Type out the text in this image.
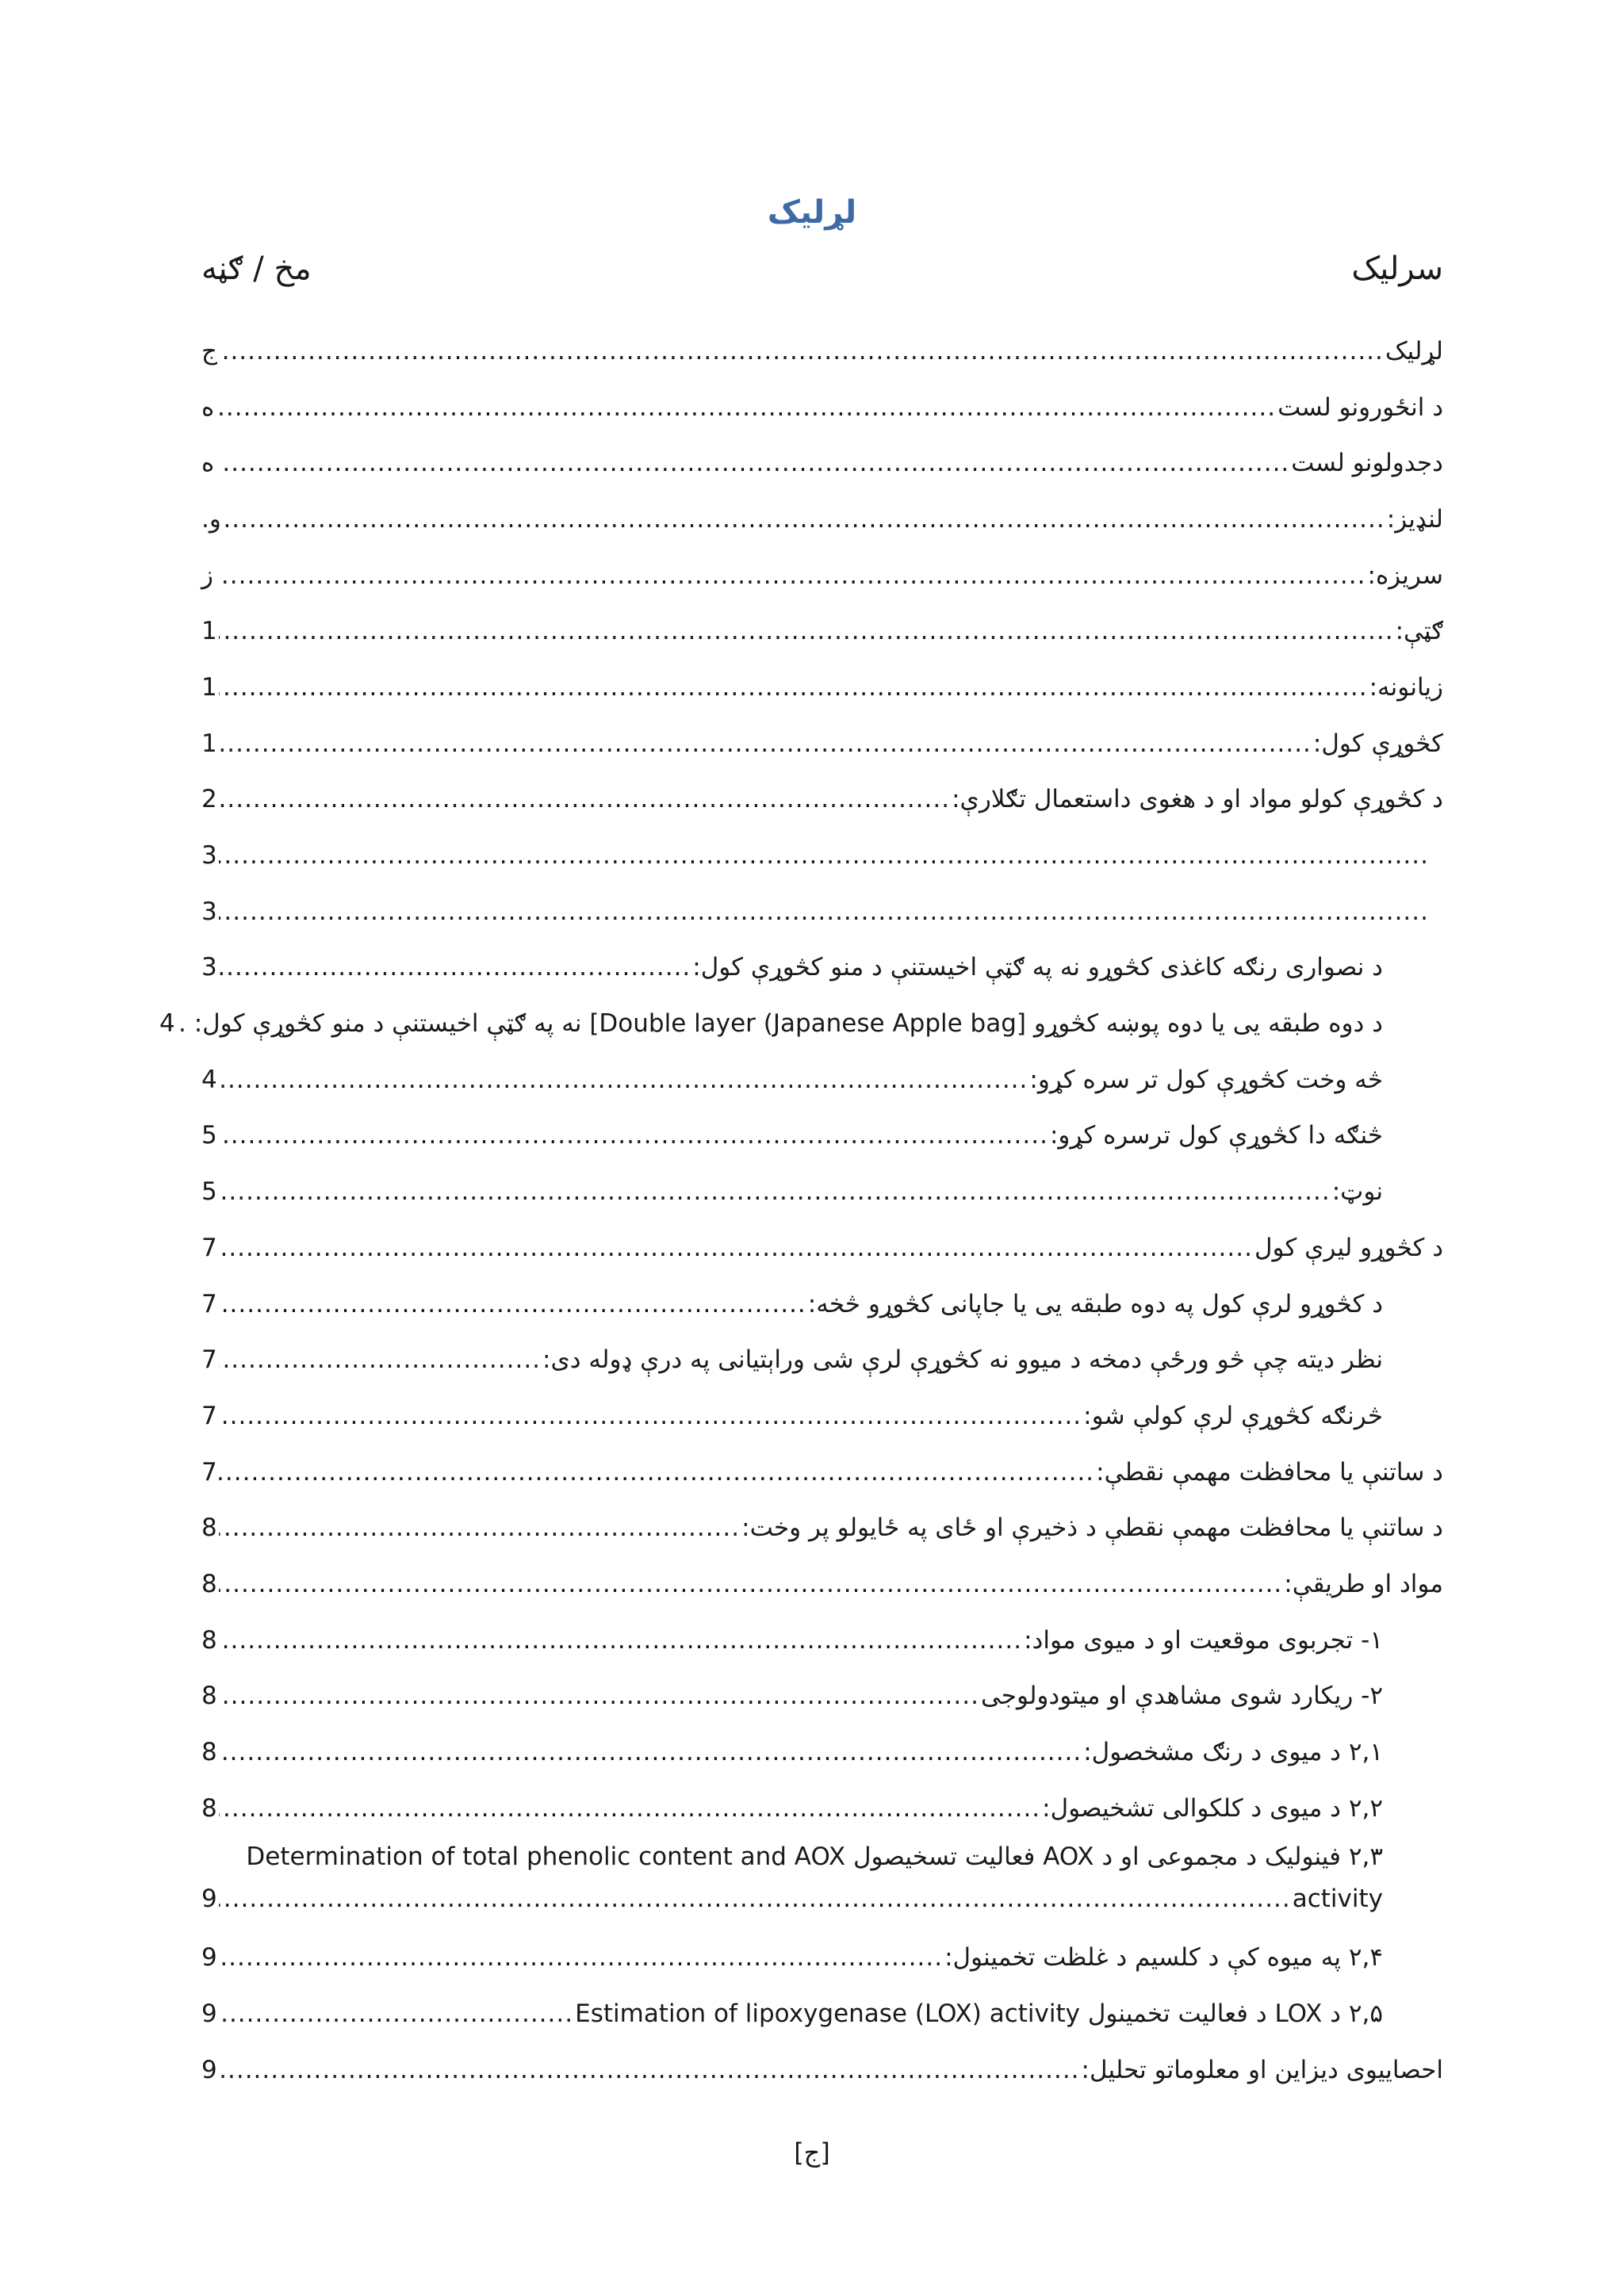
لړلیک
سرلیک
مخ / ګڼه
لړلیک
.....
ج
د انځورونو لست
.....
ه
دجدولونو لست
.....
ه
لنډیز:
.....
و.
سریزه:
.....
ز
ګټې:
.....
1
زیانونه:
.....
1
کڅوړې کول:
.....
1
د کڅوړې کولو مواد او د هغوی داستعمال تګلارې:
.....
2
.....
3
.....
3
د نصواری رنګه کاغذی کڅوړو نه په ګټې اخیستنې د منو کڅوړې کول:
.....
3
د دوه طبقه یی یا دوه پوښه کڅوړو [Double layer (Japanese Apple bag] نه په ګټې اخیستنې د منو کڅوړې کول: .
4
څه وخت کڅوړې کول تر سره کړو:
.....
4
څنګه دا کڅوړې کول ترسره کړو:
.....
5
نوټ:
.....
5
د کڅوړو لیرې کول
.....
7
د کڅوړو لرې کول په دوه طبقه یی یا جاپانی کڅوړو څخه:
.....
7
نظر دیته چې څو ورځې دمخه د میوو نه کڅوړې لرې شی وراېتیانی په درې ډوله دی:
.....
7
څرنګه کڅوړې لرې کولې شو:
.....
7
د ساتنې یا محافظت مهمې نقطې:
.....
7
د ساتنې یا محافظت مهمې نقطې د ذخیرې او ځای په ځایولو پر وخت:
.....
8
مواد او طریقې:
.....
8
۱- تجربوی موقعیت او د میوی مواد:
.....
8
۲- ریکارد شوی مشاهدې او میتودولوجی
.....
8
۲,۱ د میوی د رنګ مشخصول:
.....
8
۲,۲ د میوی د کلکوالی تشخیصول:
.....
8
۲,۳ فینولیک د مجموعی او د AOX فعالیت تسخیصول Determination of total phenolic content and AOX
activity
.....
9
۲,۴ په میوه کې د کلسیم د غلظت تخمینول:
.....
9
۲,۵ د LOX د فعالیت تخمینول Estimation of lipoxygenase (LOX) activity
.....
9
احصاییوی دیزاین او معلوماتو تحلیل:
.....
9
[ج]
